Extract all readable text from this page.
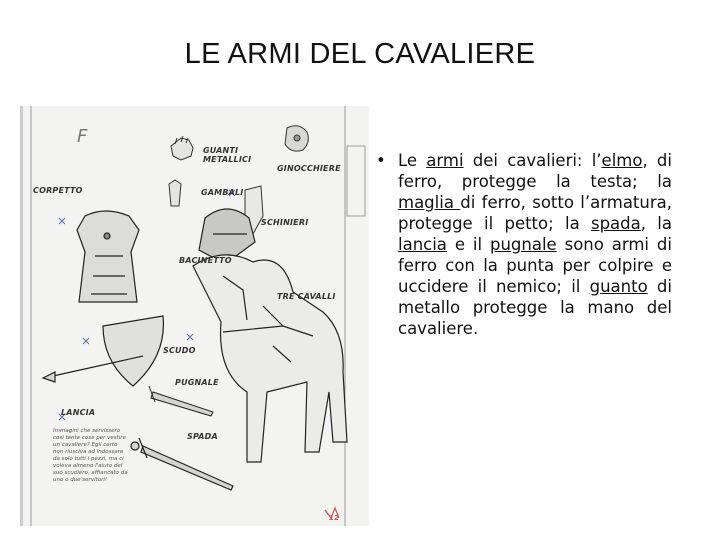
LE ARMI DEL CAVALIERE
F
GUANTI METALLICI
GINOCCHIERE
CORPETTO	GAMBALI
SCHINIERI
BACINETTO
TRE CAVALLI
SCUDO
PUGNALE
LANCIA
SPADA
Immagini che servissero così tante cose per vestire un cavaliere? Egli certo non riusciva ad indossare da solo tutti i pezzi, ma ci voleva almeno l'aiuto del suo scudiero, affiancato da uno o due servitori!
12
• Le armi dei cavalieri: l’elmo, di ferro, protegge la testa; la maglia di ferro, sotto l’armatura, protegge il petto; la spada, la lancia e il pugnale sono armi di ferro con la punta per colpire e uccidere il nemico; il guanto di metallo protegge la mano del cavaliere.
